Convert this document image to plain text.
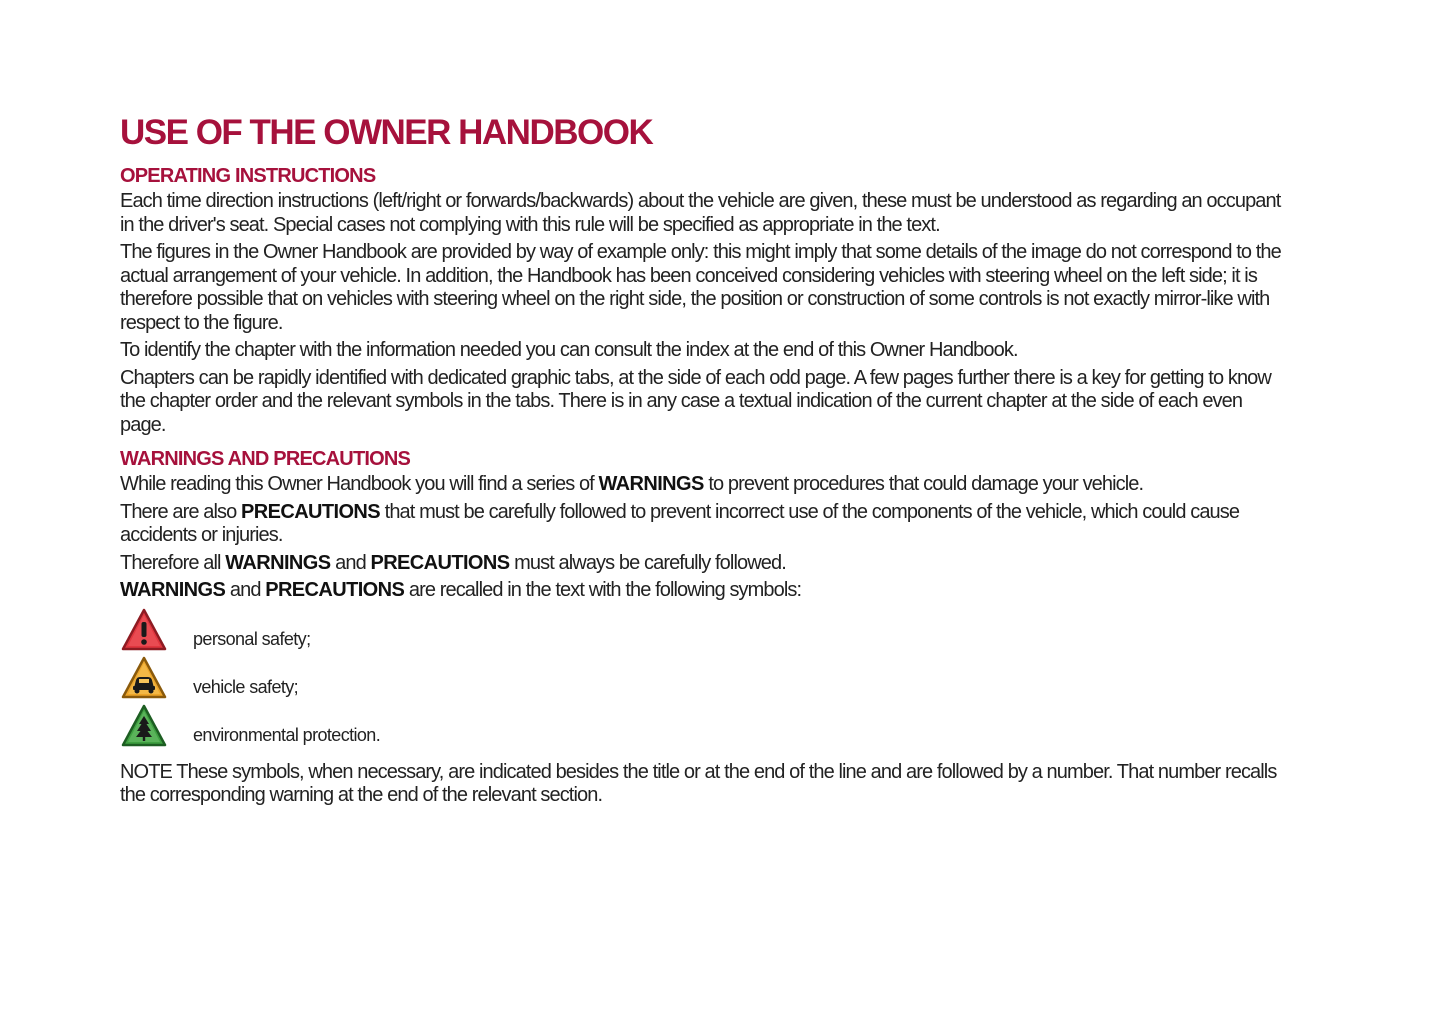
USE OF THE OWNER HANDBOOK
OPERATING INSTRUCTIONS

Each time direction instructions (left/right or forwards/backwards) about the vehicle are given, these must be understood as regarding an occupant in the driver's seat. Special cases not complying with this rule will be specified as appropriate in the text.

The figures in the Owner Handbook are provided by way of example only: this might imply that some details of the image do not correspond to the actual arrangement of your vehicle. In addition, the Handbook has been conceived considering vehicles with steering wheel on the left side; it is therefore possible that on vehicles with steering wheel on the right side, the position or construction of some controls is not exactly mirror-like with respect to the figure.

To identify the chapter with the information needed you can consult the index at the end of this Owner Handbook.

Chapters can be rapidly identified with dedicated graphic tabs, at the side of each odd page. A few pages further there is a key for getting to know the chapter order and the relevant symbols in the tabs. There is in any case a textual indication of the current chapter at the side of each even page.

WARNINGS AND PRECAUTIONS

While reading this Owner Handbook you will find a series of WARNINGS to prevent procedures that could damage your vehicle.

There are also PRECAUTIONS that must be carefully followed to prevent incorrect use of the components of the vehicle, which could cause accidents or injuries.

Therefore all WARNINGS and PRECAUTIONS must always be carefully followed.

WARNINGS and PRECAUTIONS are recalled in the text with the following symbols:

personal safety;
vehicle safety;
environmental protection.

NOTE These symbols, when necessary, are indicated besides the title or at the end of the line and are followed by a number. That number recalls the corresponding warning at the end of the relevant section.
